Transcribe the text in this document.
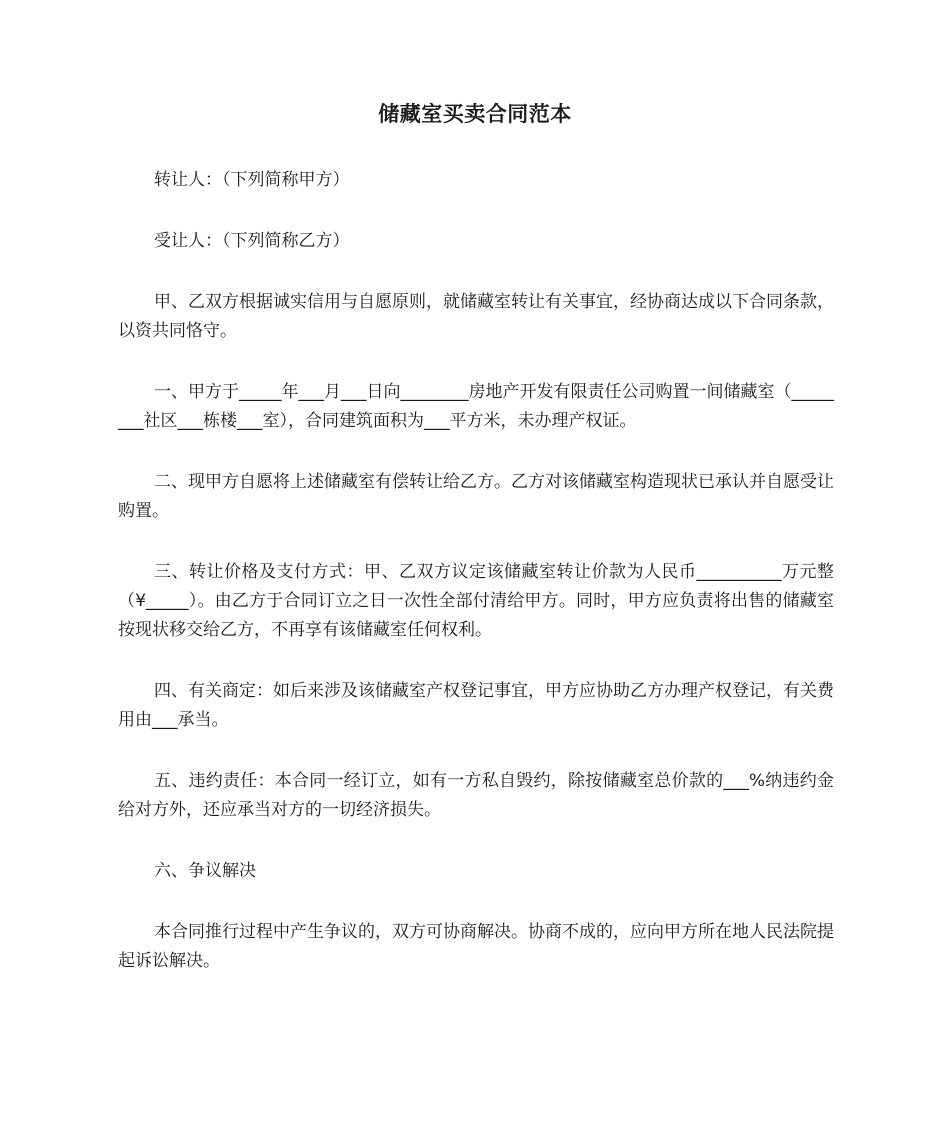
储藏室买卖合同范本

转让人：（下列简称甲方）

受让人：（下列简称乙方）

甲、乙双方根据诚实信用与自愿原则，就储藏室转让有关事宜，经协商达成以下合同条款，以资共同恪守。

一、甲方于_____年___月___日向________房地产开发有限责任公司购置一间储藏室（________社区___栋楼___室），合同建筑面积为___平方米，未办理产权证。

二、现甲方自愿将上述储藏室有偿转让给乙方。乙方对该储藏室构造现状已承认并自愿受让购置。

三、转让价格及支付方式：甲、乙双方议定该储藏室转让价款为人民币__________万元整（¥_____）。由乙方于合同订立之日一次性全部付清给甲方。同时，甲方应负责将出售的储藏室按现状移交给乙方，不再享有该储藏室任何权利。

四、有关商定：如后来涉及该储藏室产权登记事宜，甲方应协助乙方办理产权登记，有关费用由___承当。

五、违约责任：本合同一经订立，如有一方私自毁约，除按储藏室总价款的___%纳违约金给对方外，还应承当对方的一切经济损失。

六、争议解决

本合同推行过程中产生争议的，双方可协商解决。协商不成的，应向甲方所在地人民法院提起诉讼解决。
